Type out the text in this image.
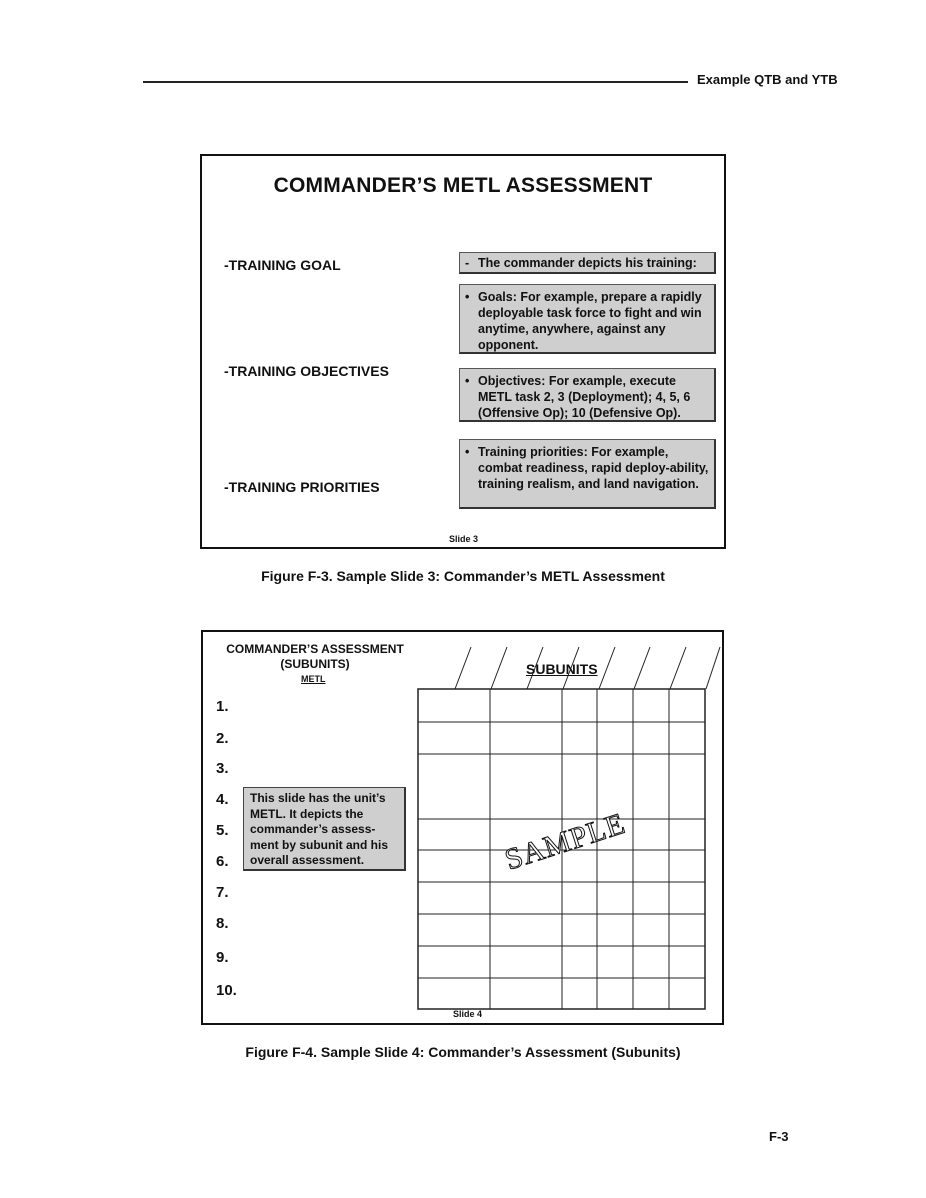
Example QTB and YTB
COMMANDER’S METL ASSESSMENT
-TRAINING GOAL
-TRAINING OBJECTIVES
-TRAINING PRIORITIES
- The commander depicts his training:
• Goals: For example, prepare a rapidly deployable task force to fight and win anytime, anywhere, against any opponent.
• Objectives: For example, execute METL task 2, 3 (Deployment); 4, 5, 6 (Offensive Op); 10 (Defensive Op).
• Training priorities: For example, combat readiness, rapid deploy-ability, training realism, and land navigation.
Slide 3
Figure F-3. Sample Slide 3: Commander’s METL Assessment
COMMANDER’S ASSESSMENT
(SUBUNITS)
METL
SAMPLE
SUBUNITS
1.
2.
3.
4.
5.
6.
7.
8.
9.
10.
This slide has the unit’s METL. It depicts the commander’s assess-ment by subunit and his overall assessment.
Slide 4
Figure F-4. Sample Slide 4: Commander’s Assessment (Subunits)
F-3
